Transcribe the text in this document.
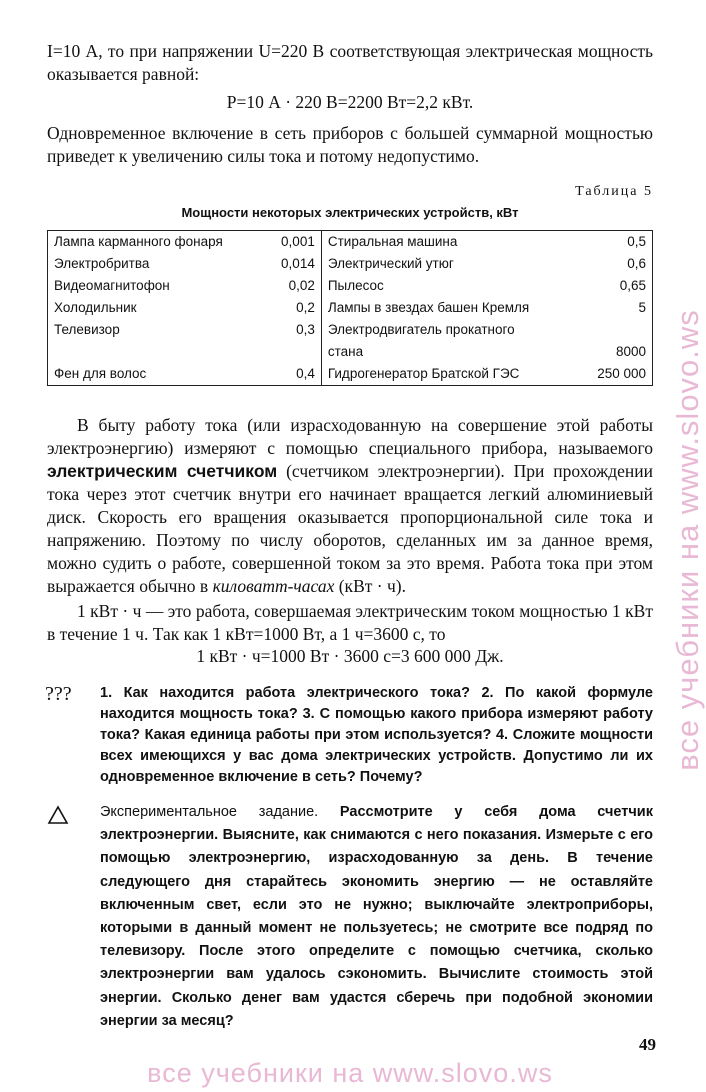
I=10 А, то при напряжении U=220 В соответствующая электрическая мощность оказывается равной:
P=10 А · 220 В=2200 Вт=2,2 кВт.
Одновременное включение в сеть приборов с большей суммарной мощностью приведет к увеличению силы тока и потому недопустимо.
Таблица 5
Мощности некоторых электрических устройств, кВт
Лампа карманного фонаря	0,001	Стиральная машина	0,5
Электробритва	0,014	Электрический утюг	0,6
Видеомагнитофон	0,02	Пылесос	0,65
Холодильник	0,2	Лампы в звездах башен Кремля	5
Телевизор	0,3	Электродвигатель прокатного	
		стана	8000
Фен для волос	0,4	Гидрогенератор Братской ГЭС	250 000
В быту работу тока (или израсходованную на совершение этой работы электроэнергию) измеряют с помощью специального прибора, называемого электрическим счетчиком (счетчиком электроэнергии). При прохождении тока через этот счетчик внутри его начинает вращается легкий алюминиевый диск. Скорость его вращения оказывается пропорциональной силе тока и напряжению. Поэтому по числу оборотов, сделанных им за данное время, можно судить о работе, совершенной током за это время. Работа тока при этом выражается обычно в киловатт-часах (кВт · ч).
1 кВт · ч — это работа, совершаемая электрическим током мощностью 1 кВт в течение 1 ч. Так как 1 кВт=1000 Вт, а 1 ч=3600 с, то
1 кВт · ч=1000 Вт · 3600 с=3 600 000 Дж.
??? 1. Как находится работа электрического тока? 2. По какой формуле находится мощность тока? 3. С помощью какого прибора измеряют работу тока? Какая единица работы при этом используется? 4. Сложите мощности всех имеющихся у вас дома электрических устройств. Допустимо ли их одновременное включение в сеть? Почему?
Экспериментальное задание. Рассмотрите у себя дома счетчик электроэнергии. Выясните, как снимаются с него показания. Измерьте с его помощью электроэнергию, израсходованную за день. В течение следующего дня старайтесь экономить энергию — не оставляйте включенным свет, если это не нужно; выключайте электроприборы, которыми в данный момент не пользуетесь; не смотрите все подряд по телевизору. После этого определите с помощью счетчика, сколько электроэнергии вам удалось сэкономить. Вычислите стоимость этой энергии. Сколько денег вам удастся сберечь при подобной экономии энергии за месяц?
49
все учебники на www.slovo.ws
все учебники на www.slovo.ws
